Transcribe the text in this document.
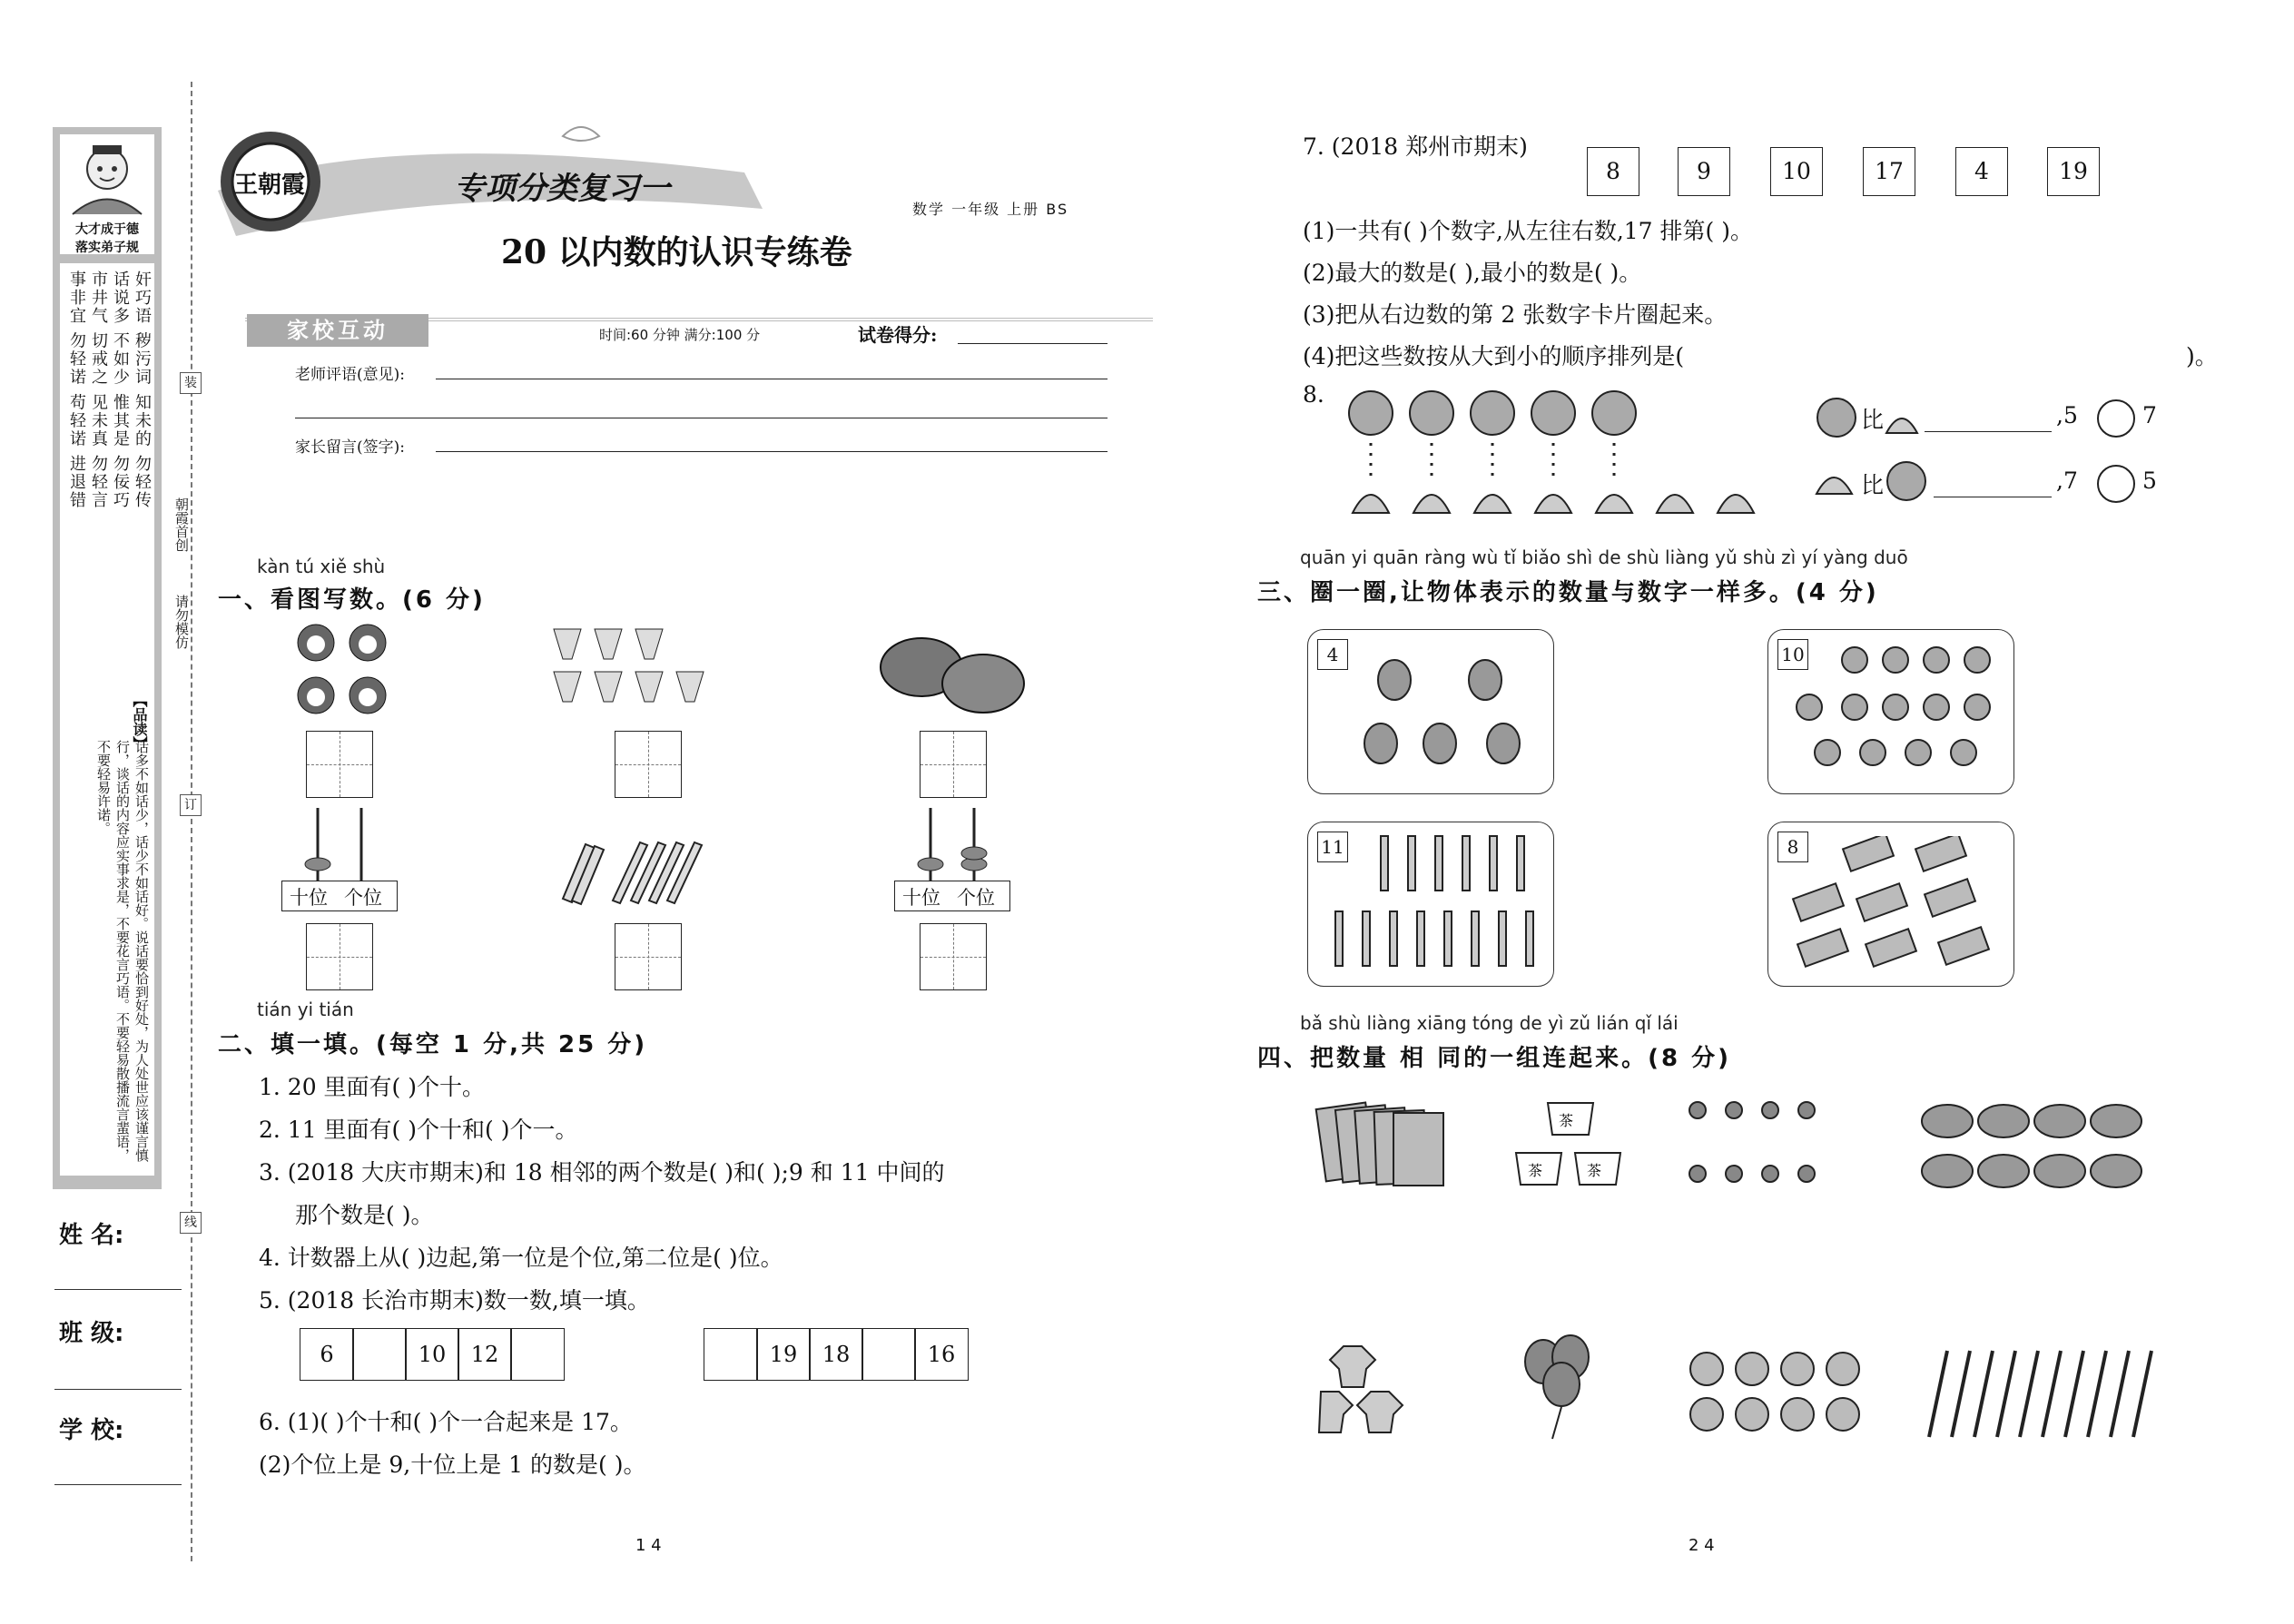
大才成于德
落实弟子规
事非宜 勿轻诺 苟轻诺 进退错
市井气 切戒之 见未真 勿轻言
话说多 不如少 惟其是 勿佞巧
奸巧语 秽污词 知未的 勿轻传
【品读】
话多不如话少，话少不如话好。说话要恰到好处，为人处世应该谨言慎行，谈话的内容应实事求是，不要花言巧语。不要轻易散播流言蜚语，不要轻易许诺。
装
订
线
朝霞首创
请勿模仿
姓 名:
班 级:
学 校:
王朝霞	专项分类复习一
数学 一年级 上册 BS
20 以内数的认识专练卷
家校互动	时间:60 分钟 满分:100 分	试卷得分:
老师评语(意见):
家长留言(签字):
kàn tú xiě shù
一、看图写数。(6 分)
十位 个位	十位 个位
tián yi tián
二、填一填。(每空 1 分,共 25 分)
1. 20 里面有( )个十。
2. 11 里面有( )个十和( )个一。
3. (2018 大庆市期末)和 18 相邻的两个数是( )和( );9 和 11 中间的
那个数是( )。
4. 计数器上从( )边起,第一位是个位,第二位是( )位。
5. (2018 长治市期末)数一数,填一填。
6	10	12	19	18	16
6. (1)( )个十和( )个一合起来是 17。
(2)个位上是 9,十位上是 1 的数是( )。
1 4
7. (2018 郑州市期末)
8	9	10	17	4	19
(1)一共有( )个数字,从左往右数,17 排第( )。
(2)最大的数是( ),最小的数是( )。
(3)把从右边数的第 2 张数字卡片圈起来。
(4)把这些数按从大到小的顺序排列是(	)。
8.
比	,5	7
比	,7	5
quān yi quān ràng wù tǐ biǎo shì de shù liàng yǔ shù zì yí yàng duō
三、圈一圈,让物体表示的数量与数字一样多。(4 分)
4	10
11	8
bǎ shù liàng xiāng tóng de yì zǔ lián qǐ lái
四、把数量 相 同的一组连起来。(8 分)
茶
茶	茶
2 4
